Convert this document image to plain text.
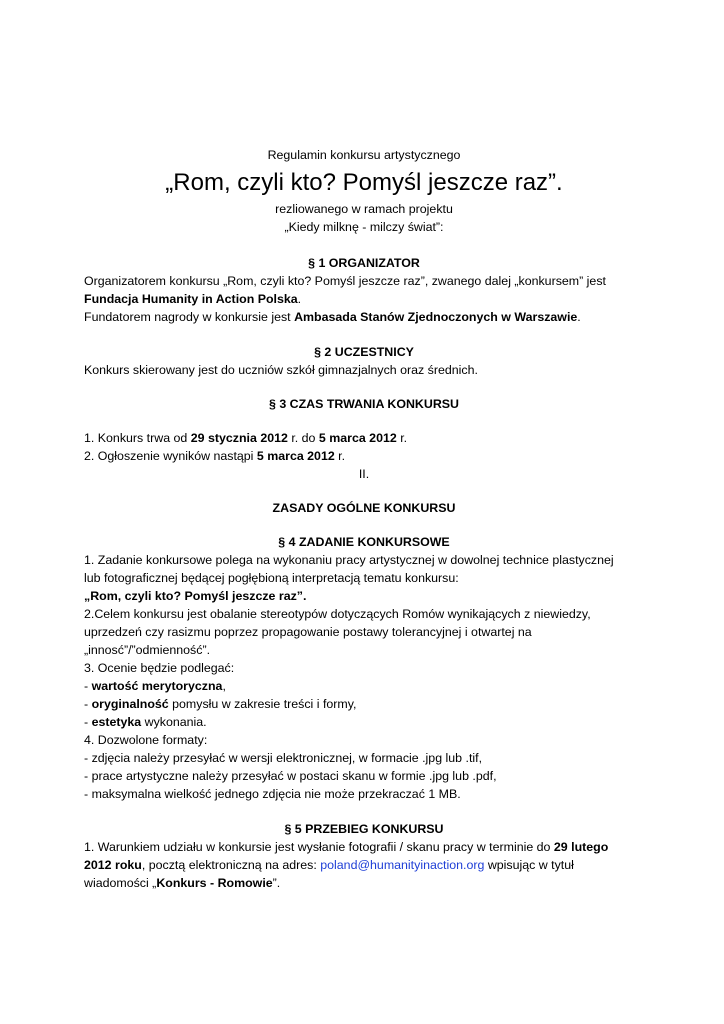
Regulamin konkursu artystycznego
„Rom, czyli kto? Pomyśl jeszcze raz”.
rezliowanego w ramach projektu
„Kiedy milknę - milczy świat”:
§ 1 ORGANIZATOR
Organizatorem konkursu „Rom, czyli kto? Pomyśl jeszcze raz”, zwanego dalej „konkursem” jest
Fundacja Humanity in Action Polska.
Fundatorem nagrody w konkursie jest Ambasada Stanów Zjednoczonych w Warszawie.
§ 2 UCZESTNICY
Konkurs skierowany jest do uczniów szkół gimnazjalnych oraz średnich.
§ 3 CZAS TRWANIA KONKURSU
1. Konkurs trwa od 29 stycznia 2012 r. do 5 marca 2012 r.
2. Ogłoszenie wyników nastąpi 5 marca 2012 r.
II.
ZASADY OGÓLNE KONKURSU
§ 4 ZADANIE KONKURSOWE
1. Zadanie konkursowe polega na wykonaniu pracy artystycznej w dowolnej technice plastycznej
lub fotograficznej będącej pogłębioną interpretacją tematu konkursu:
„Rom, czyli kto? Pomyśl jeszcze raz”.
2.Celem konkursu jest obalanie stereotypów dotyczących Romów wynikających z niewiedzy,
uprzedzeń czy rasizmu poprzez propagowanie postawy tolerancyjnej i otwartej na
„innosć”/”odmienność”.
3. Ocenie będzie podlegać:
- wartość merytoryczna,
- oryginalność pomysłu w zakresie treści i formy,
- estetyka wykonania.
4. Dozwolone formaty:
- zdjęcia należy przesyłać w wersji elektronicznej, w formacie .jpg lub .tif,
- prace artystyczne należy przesyłać w postaci skanu w formie .jpg lub .pdf,
- maksymalna wielkość jednego zdjęcia nie może przekraczać 1 MB.
§ 5 PRZEBIEG KONKURSU
1. Warunkiem udziału w konkursie jest wysłanie fotografii / skanu pracy w terminie do 29 lutego
2012 roku, pocztą elektroniczną na adres: poland@humanityinaction.org wpisując w tytuł
wiadomości „Konkurs - Romowie”.
